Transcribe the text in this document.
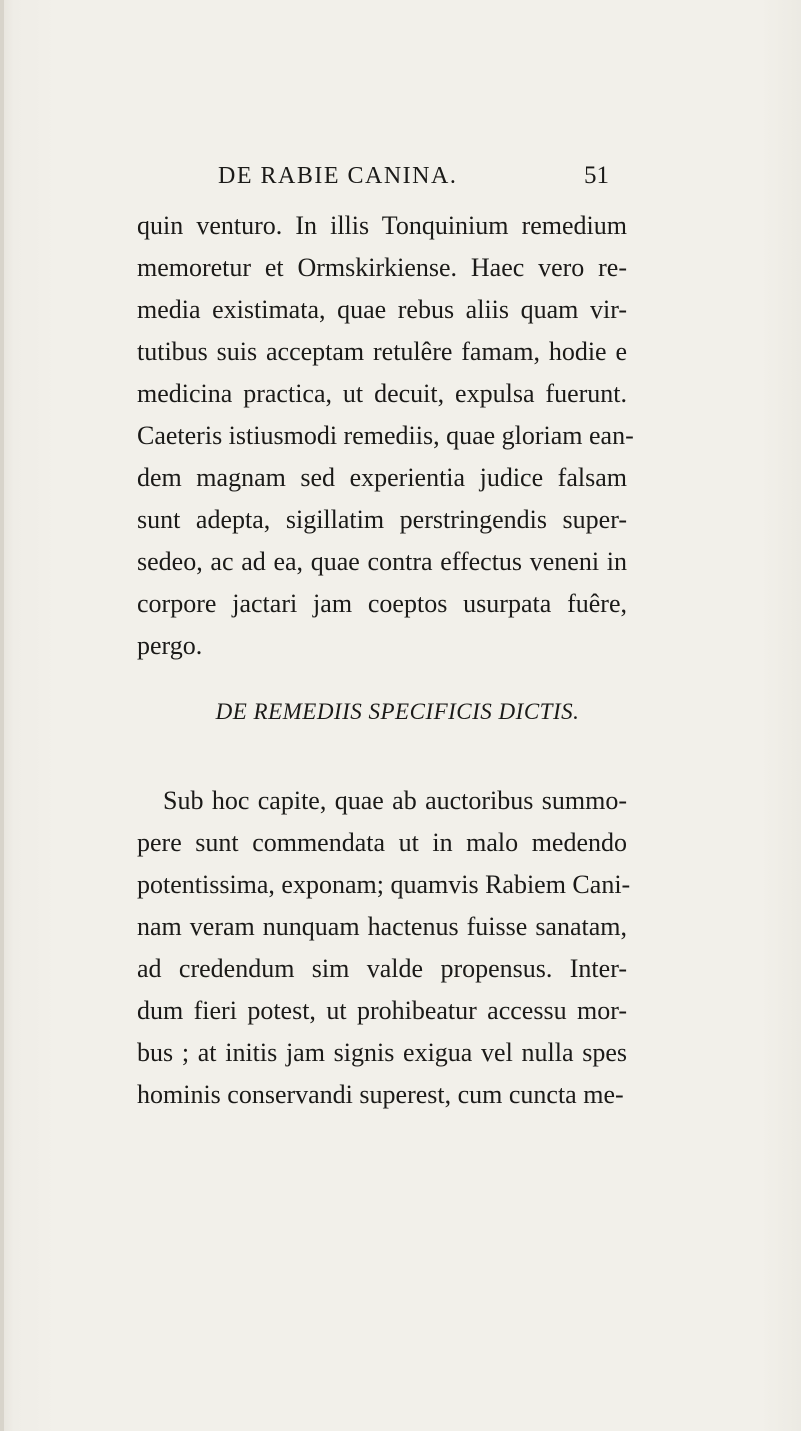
DE RABIE CANINA.	51
quin venturo. In illis Tonquinium remedium
memoretur et Ormskirkiense. Haec vero re-
media existimata, quae rebus aliis quam vir-
tutibus suis acceptam retulêre famam, hodie e
medicina practica, ut decuit, expulsa fuerunt.
Caeteris istiusmodi remediis, quae gloriam ean-
dem magnam sed experientia judice falsam
sunt adepta, sigillatim perstringendis super-
sedeo, ac ad ea, quae contra effectus veneni in
corpore jactari jam coeptos usurpata fuêre,
pergo.
DE REMEDIIS SPECIFICIS DICTIS.
Sub hoc capite, quae ab auctoribus summo-
pere sunt commendata ut in malo medendo
potentissima, exponam; quamvis Rabiem Cani-
nam veram nunquam hactenus fuisse sanatam,
ad credendum sim valde propensus. Inter-
dum fieri potest, ut prohibeatur accessu mor-
bus ; at initis jam signis exigua vel nulla spes
hominis conservandi superest, cum cuncta me-
